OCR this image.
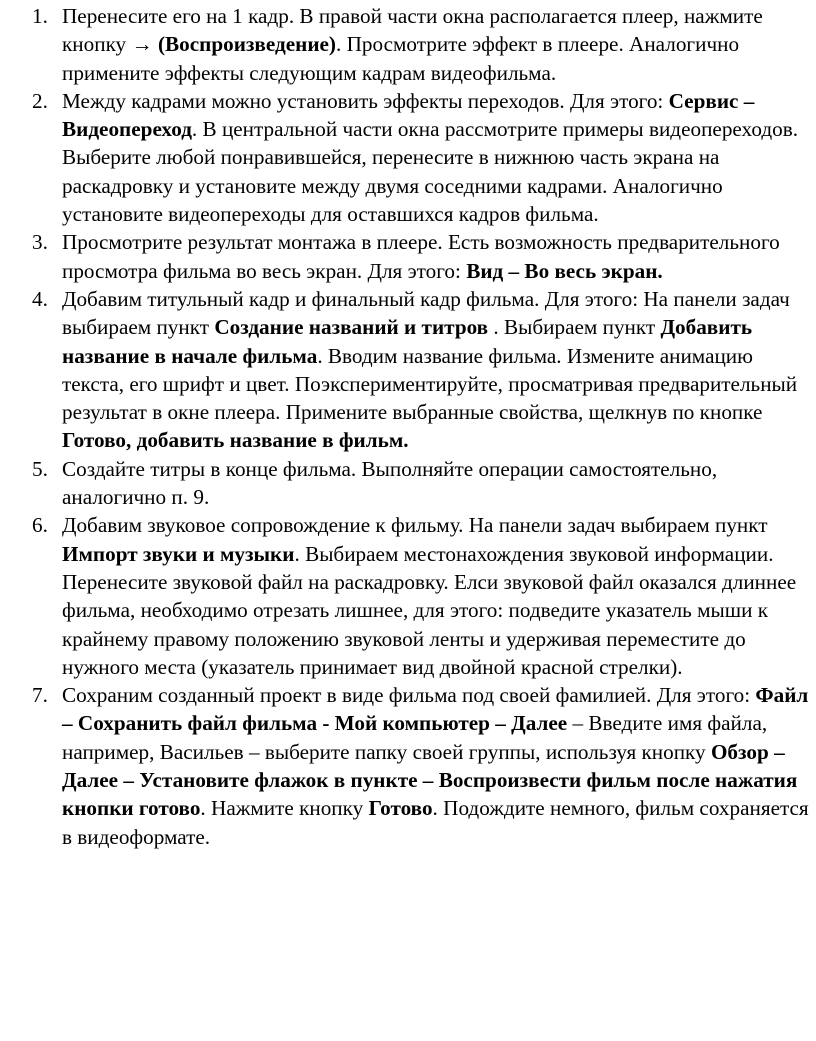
1. Перенесите его на 1 кадр. В правой части окна располагается плеер, нажмите кнопку → (Воспроизведение). Просмотрите эффект в плеере. Аналогично примените эффекты следующим кадрам видеофильма.
2. Между кадрами можно установить эффекты переходов. Для этого: Сервис – Видеопереход. В центральной части окна рассмотрите примеры видеопереходов. Выберите любой понравившейся, перенесите в нижнюю часть экрана на раскадровку и установите между двумя соседними кадрами. Аналогично установите видеопереходы для оставшихся кадров фильма.
3. Просмотрите результат монтажа в плеере. Есть возможность предварительного просмотра фильма во весь экран. Для этого: Вид – Во весь экран.
4. Добавим титульный кадр и финальный кадр фильма. Для этого: На панели задач выбираем пункт Создание названий и титров . Выбираем пункт Добавить название в начале фильма. Вводим название фильма. Измените анимацию текста, его шрифт и цвет. Поэкспериментируйте, просматривая предварительный результат в окне плеера. Примените выбранные свойства, щелкнув по кнопке Готово, добавить название в фильм.
5. Создайте титры в конце фильма. Выполняйте операции самостоятельно, аналогично п. 9.
6. Добавим звуковое сопровождение к фильму. На панели задач выбираем пункт Импорт звуки и музыки. Выбираем местонахождения звуковой информации. Перенесите звуковой файл на раскадровку. Елси звуковой файл оказался длиннее фильма, необходимо отрезать лишнее, для этого: подведите указатель мыши к крайнему правому положению звуковой ленты и удерживая переместите до нужного места (указатель принимает вид двойной красной стрелки).
7. Сохраним созданный проект в виде фильма под своей фамилией. Для этого: Файл – Сохранить файл фильма - Мой компьютер – Далее – Введите имя файла, например, Васильев – выберите папку своей группы, используя кнопку Обзор – Далее – Установите флажок в пункте – Воспроизвести фильм после нажатия кнопки готово. Нажмите кнопку Готово. Подождите немного, фильм сохраняется в видеоформате.
